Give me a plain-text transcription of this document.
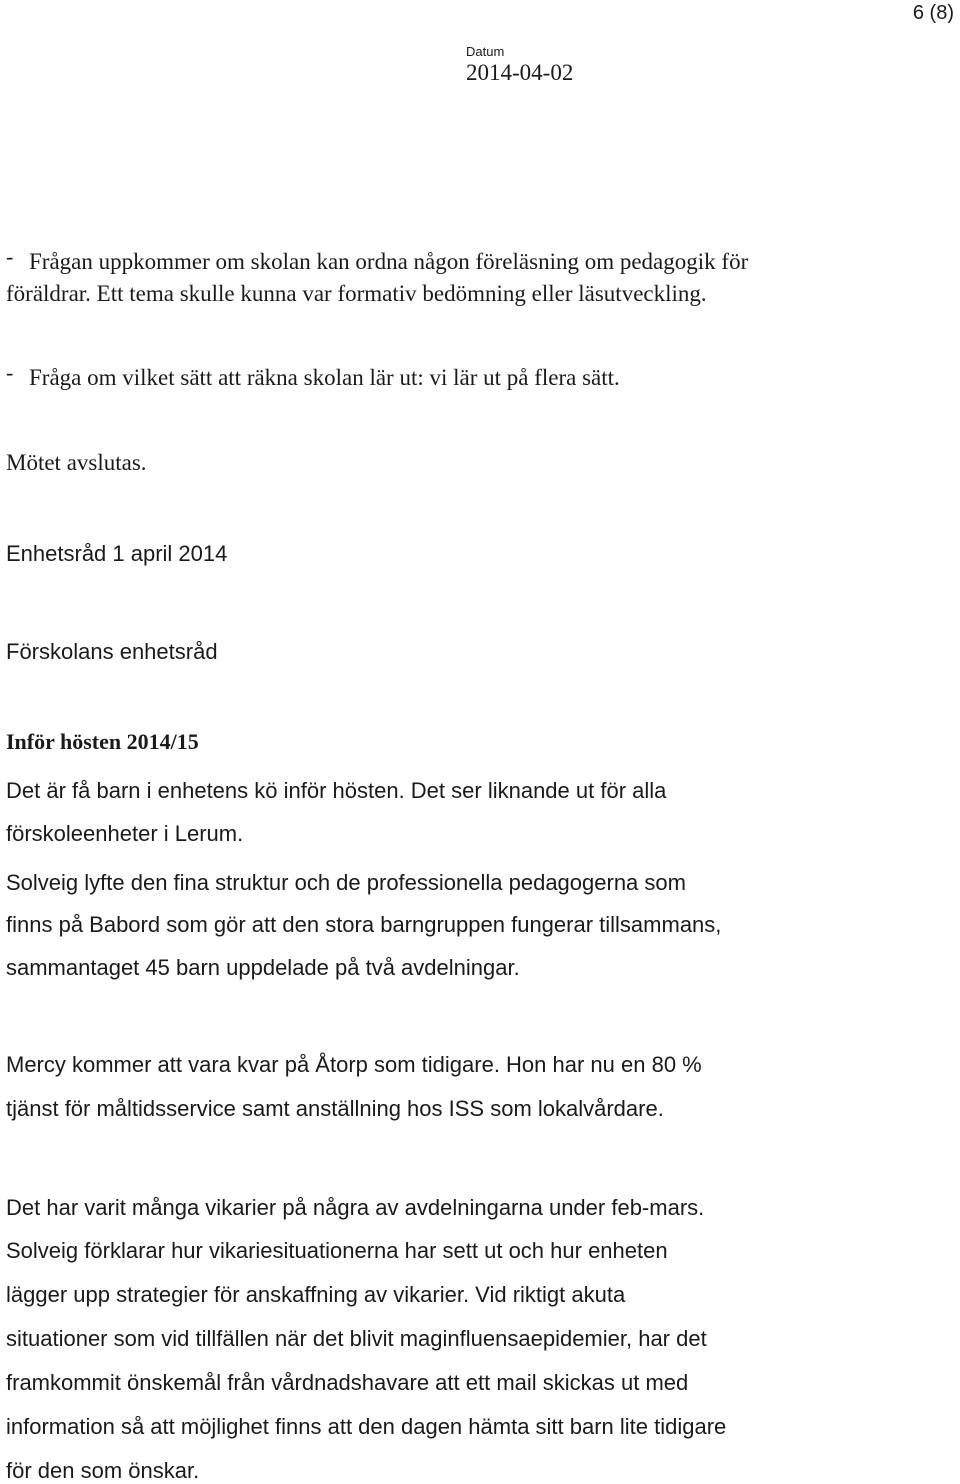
6 (8)
Datum
2014-04-02
- Frågan uppkommer om skolan kan ordna någon föreläsning om pedagogik för
föräldrar. Ett tema skulle kunna var formativ bedömning eller läsutveckling.
- Fråga om vilket sätt att räkna skolan lär ut: vi lär ut på flera sätt.
Mötet avslutas.
Enhetsråd 1 april 2014
Förskolans enhetsråd
Inför hösten 2014/15
Det är få barn i enhetens kö inför hösten. Det ser liknande ut för alla
förskoleenheter i Lerum.
Solveig lyfte den fina struktur och de professionella pedagogerna som
finns på Babord som gör att den stora barngruppen fungerar tillsammans,
sammantaget 45 barn uppdelade på två avdelningar.
Mercy kommer att vara kvar på Åtorp som tidigare. Hon har nu en 80 %
tjänst för måltidsservice samt anställning hos ISS som lokalvårdare.
Det har varit många vikarier på några av avdelningarna under feb-mars.
Solveig förklarar hur vikariesituationerna har sett ut och hur enheten
lägger upp strategier för anskaffning av vikarier. Vid riktigt akuta
situationer som vid tillfällen när det blivit maginfluensaepidemier, har det
framkommit önskemål från vårdnadshavare att ett mail skickas ut med
information så att möjlighet finns att den dagen hämta sitt barn lite tidigare
för den som önskar.
